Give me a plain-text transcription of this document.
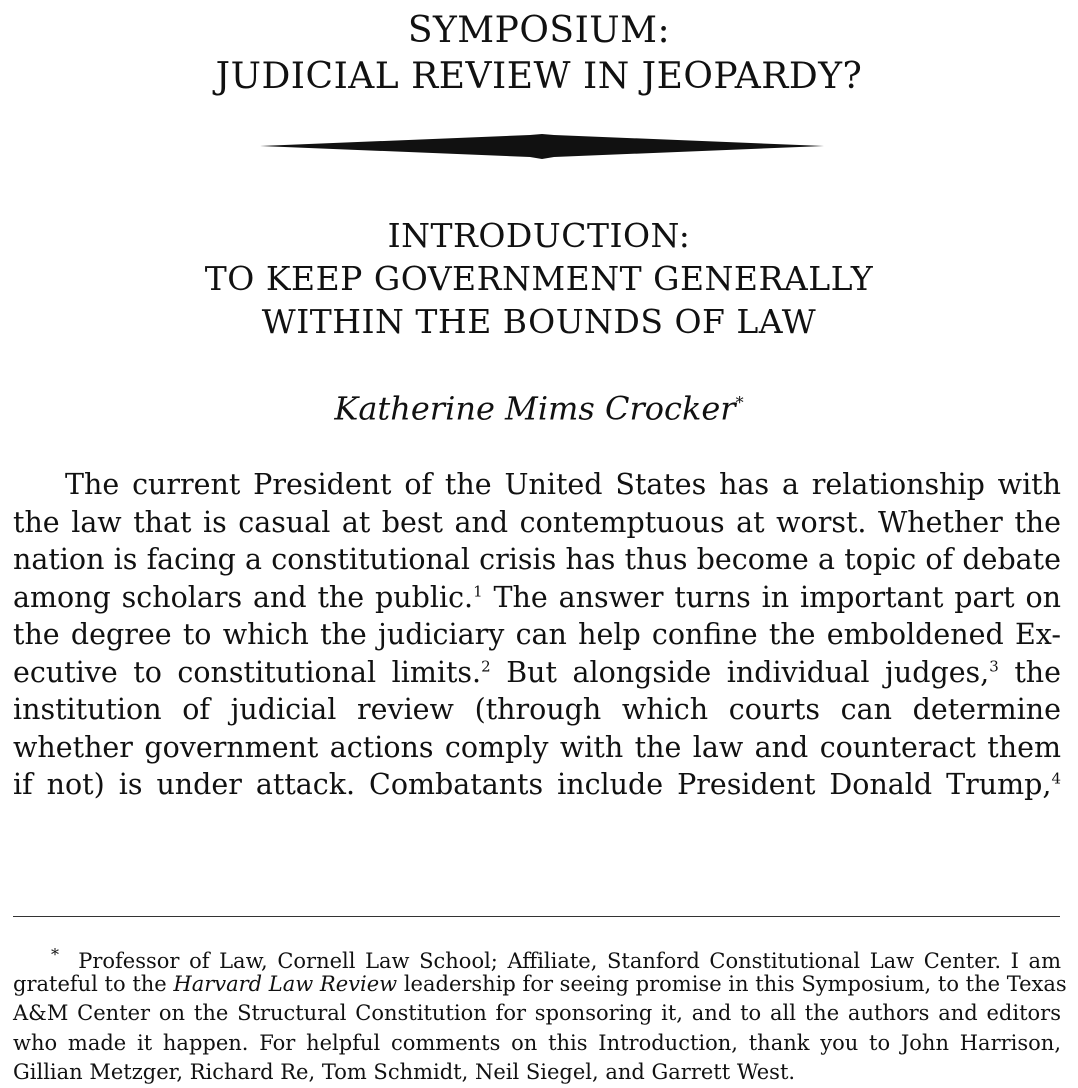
SYMPOSIUM:
JUDICIAL REVIEW IN JEOPARDY?
INTRODUCTION:
TO KEEP GOVERNMENT GENERALLY
WITHIN THE BOUNDS OF LAW
Katherine Mims Crocker*
The current President of the United States has a relationship with
the law that is casual at best and contemptuous at worst. Whether the
nation is facing a constitutional crisis has thus become a topic of debate
among scholars and the public.$^1$ The answer turns in important part on
the degree to which the judiciary can help confine the emboldened Ex-
ecutive to constitutional limits.$^2$ But alongside individual judges,$^3$ the
institution of judicial review (through which courts can determine
whether government actions comply with the law and counteract them
if not) is under attack. Combatants include President Donald Trump,$^4$
* Professor of Law, Cornell Law School; Affiliate, Stanford Constitutional Law Center. I am
grateful to the Harvard Law Review leadership for seeing promise in this Symposium, to the Texas
A&M Center on the Structural Constitution for sponsoring it, and to all the authors and editors
who made it happen. For helpful comments on this Introduction, thank you to John Harrison,
Gillian Metzger, Richard Re, Tom Schmidt, Neil Siegel, and Garrett West.
